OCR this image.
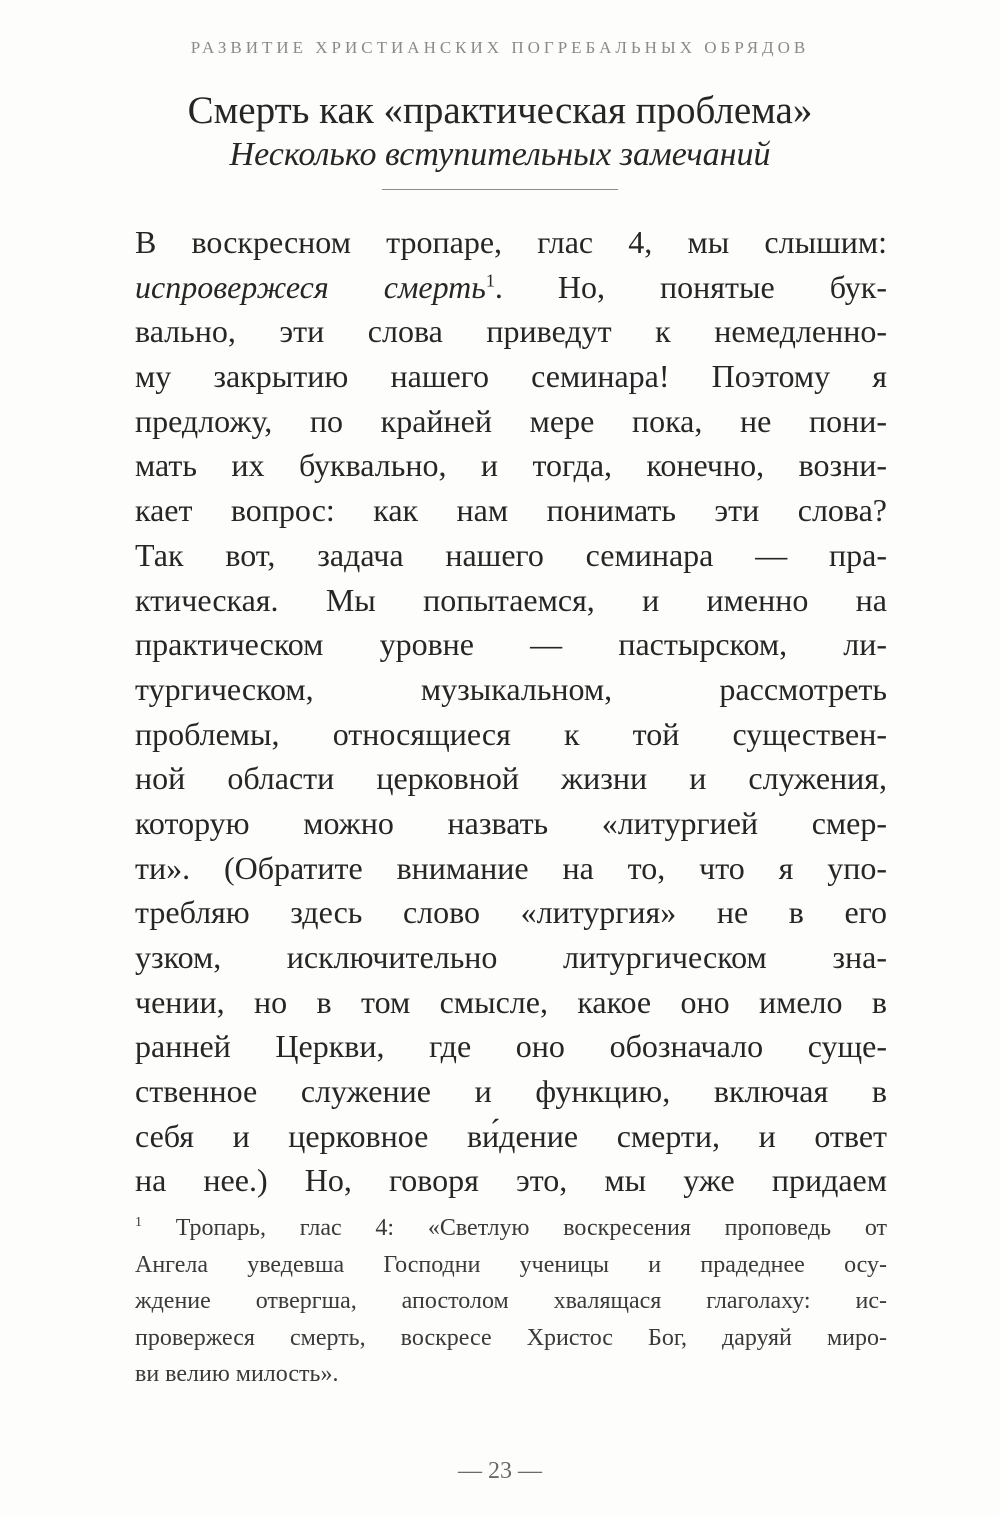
РАЗВИТИЕ ХРИСТИАНСКИХ ПОГРЕБАЛЬНЫХ ОБРЯДОВ
Смерть как «практическая проблема»
Несколько вступительных замечаний
В воскресном тропаре, глас 4, мы слышим:
испровержеся смерть$^1$. Но, понятые бук-
вально, эти слова приведут к немедленно-
му закрытию нашего семинара! Поэтому я
предложу, по крайней мере пока, не пони-
мать их буквально, и тогда, конечно, возни-
кает вопрос: как нам понимать эти слова?
Так вот, задача нашего семинара — пра-
ктическая. Мы попытаемся, и именно на
практическом уровне — пастырском, ли-
тургическом, музыкальном, рассмотреть
проблемы, относящиеся к той существен-
ной области церковной жизни и служения,
которую можно назвать «литургией смер-
ти». (Обратите внимание на то, что я упо-
требляю здесь слово «литургия» не в его
узком, исключительно литургическом зна-
чении, но в том смысле, какое оно имело в
ранней Церкви, где оно обозначало суще-
ственное служение и функцию, включая в
себя и церковное ви́дение смерти, и ответ
на нее.) Но, говоря это, мы уже придаем
$^1$ Тропарь, глас 4: «Светлую воскресения проповедь от
Ангела уведевша Господни ученицы и прадеднее осу-
ждение отвергша, апостолом хвалящася глаголаху: ис-
провержеся смерть, воскресе Христос Бог, даруяй миро-
ви велию милость».
— 23 —
